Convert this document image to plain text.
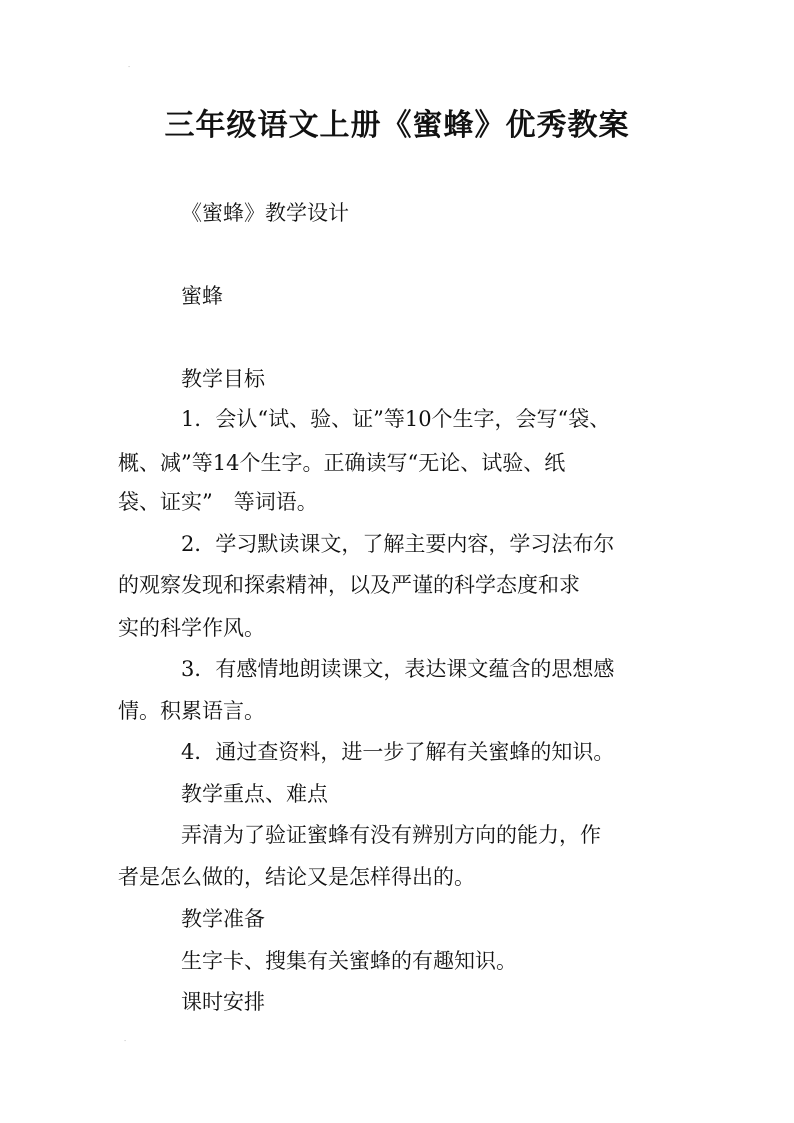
⸳
⸳
三年级语文上册《蜜蜂》优秀教案

《蜜蜂》教学设计

蜜蜂

教学目标

1．会认“试、验、证”等10个生字，会写“袋、

概、减”等14个生字。正确读写“无论、试验、纸

袋、证实”　等词语。

2．学习默读课文，了解主要内容，学习法布尔

的观察发现和探索精神，以及严谨的科学态度和求

实的科学作风。

3．有感情地朗读课文，表达课文蕴含的思想感

情。积累语言。

4．通过查资料，进一步了解有关蜜蜂的知识。

教学重点、难点

弄清为了验证蜜蜂有没有辨别方向的能力，作

者是怎么做的，结论又是怎样得出的。

教学准备

生字卡、搜集有关蜜蜂的有趣知识。

课时安排
